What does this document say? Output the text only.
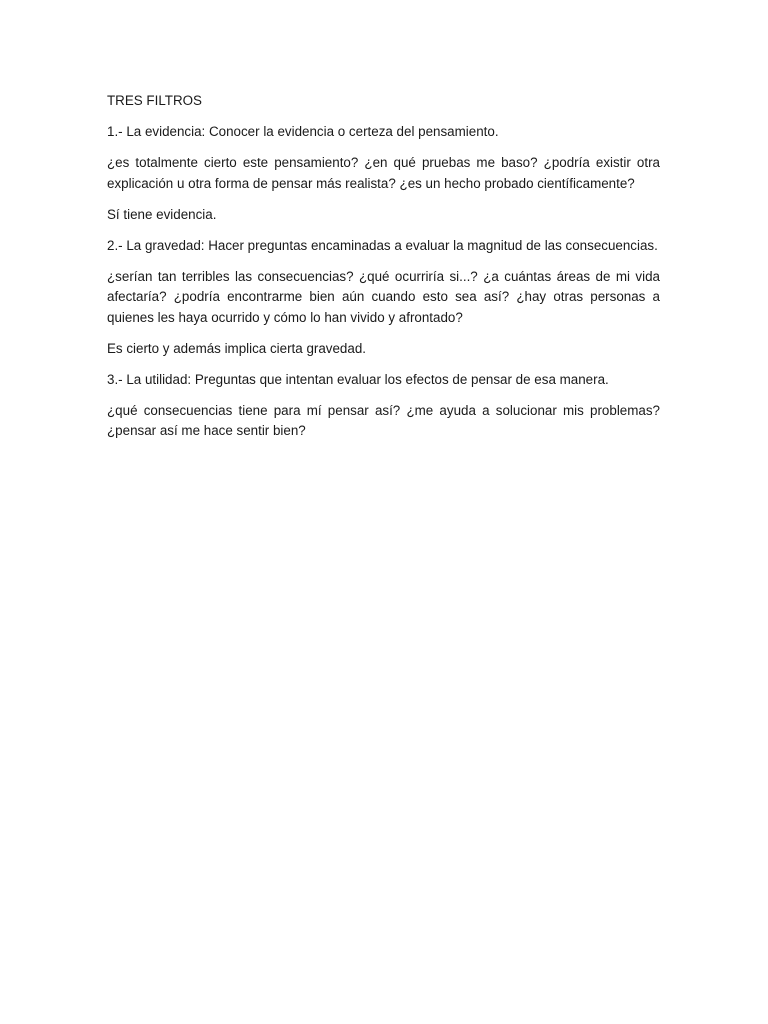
TRES FILTROS

1.- La evidencia: Conocer la evidencia o certeza del pensamiento.

¿es totalmente cierto este pensamiento? ¿en qué pruebas me baso? ¿podría existir otra explicación u otra forma de pensar más realista? ¿es un hecho probado científicamente?

Sí tiene evidencia.

2.- La gravedad: Hacer preguntas encaminadas a evaluar la magnitud de las consecuencias.

¿serían tan terribles las consecuencias? ¿qué ocurriría si...? ¿a cuántas áreas de mi vida afectaría? ¿podría encontrarme bien aún cuando esto sea así? ¿hay otras personas a quienes les haya ocurrido y cómo lo han vivido y afrontado?

Es cierto y además implica cierta gravedad.

3.- La utilidad: Preguntas que intentan evaluar los efectos de pensar de esa manera.

¿qué consecuencias tiene para mí pensar así? ¿me ayuda a solucionar mis problemas? ¿pensar así me hace sentir bien?
